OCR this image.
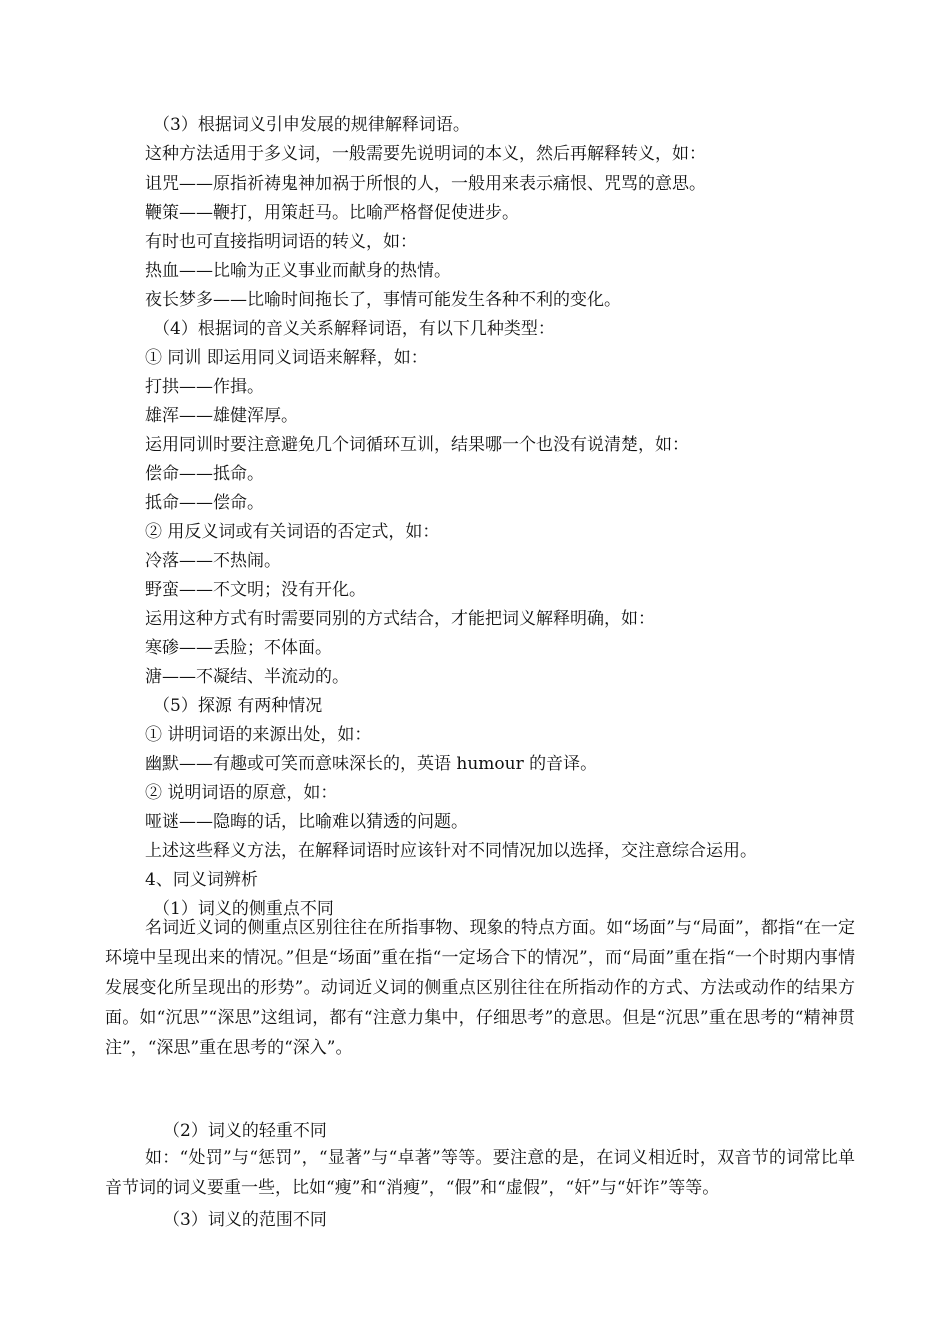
（3）根据词义引申发展的规律解释词语。
这种方法适用于多义词，一般需要先说明词的本义，然后再解释转义，如：
诅咒——原指祈祷鬼神加祸于所恨的人，一般用来表示痛恨、咒骂的意思。
鞭策——鞭打，用策赶马。比喻严格督促使进步。
有时也可直接指明词语的转义，如：
热血——比喻为正义事业而献身的热情。
夜长梦多——比喻时间拖长了，事情可能发生各种不利的变化。
（4）根据词的音义关系解释词语，有以下几种类型：
① 同训 即运用同义词语来解释，如：
打拱——作揖。
雄浑——雄健浑厚。
运用同训时要注意避免几个词循环互训，结果哪一个也没有说清楚，如：
偿命——抵命。
抵命——偿命。
② 用反义词或有关词语的否定式，如：
冷落——不热闹。
野蛮——不文明；没有开化。
运用这种方式有时需要同别的方式结合，才能把词义解释明确，如：
寒碜——丢脸；不体面。
溏——不凝结、半流动的。
（5）探源 有两种情况
① 讲明词语的来源出处，如：
幽默——有趣或可笑而意味深长的，英语 humour 的音译。
② 说明词语的原意，如：
哑谜——隐晦的话，比喻难以猜透的问题。
上述这些释义方法，在解释词语时应该针对不同情况加以选择，交注意综合运用。
4、同义词辨析
（1）词义的侧重点不同
名词近义词的侧重点区别往往在所指事物、现象的特点方面。如“场面”与“局面”，都指“在一定环境中呈现出来的情况。”但是“场面”重在指“一定场合下的情况”，而“局面”重在指“一个时期内事情发展变化所呈现出的形势”。动词近义词的侧重点区别往往在所指动作的方式、方法或动作的结果方面。如“沉思”“深思”这组词，都有“注意力集中，仔细思考”的意思。但是“沉思”重在思考的“精神贯注”，“深思”重在思考的“深入”。
（2）词义的轻重不同
如：“处罚”与“惩罚”，“显著”与“卓著”等等。要注意的是，在词义相近时，双音节的词常比单音节词的词义要重一些，比如“瘦”和“消瘦”，“假”和“虚假”，“奸”与“奸诈”等等。
（3）词义的范围不同
